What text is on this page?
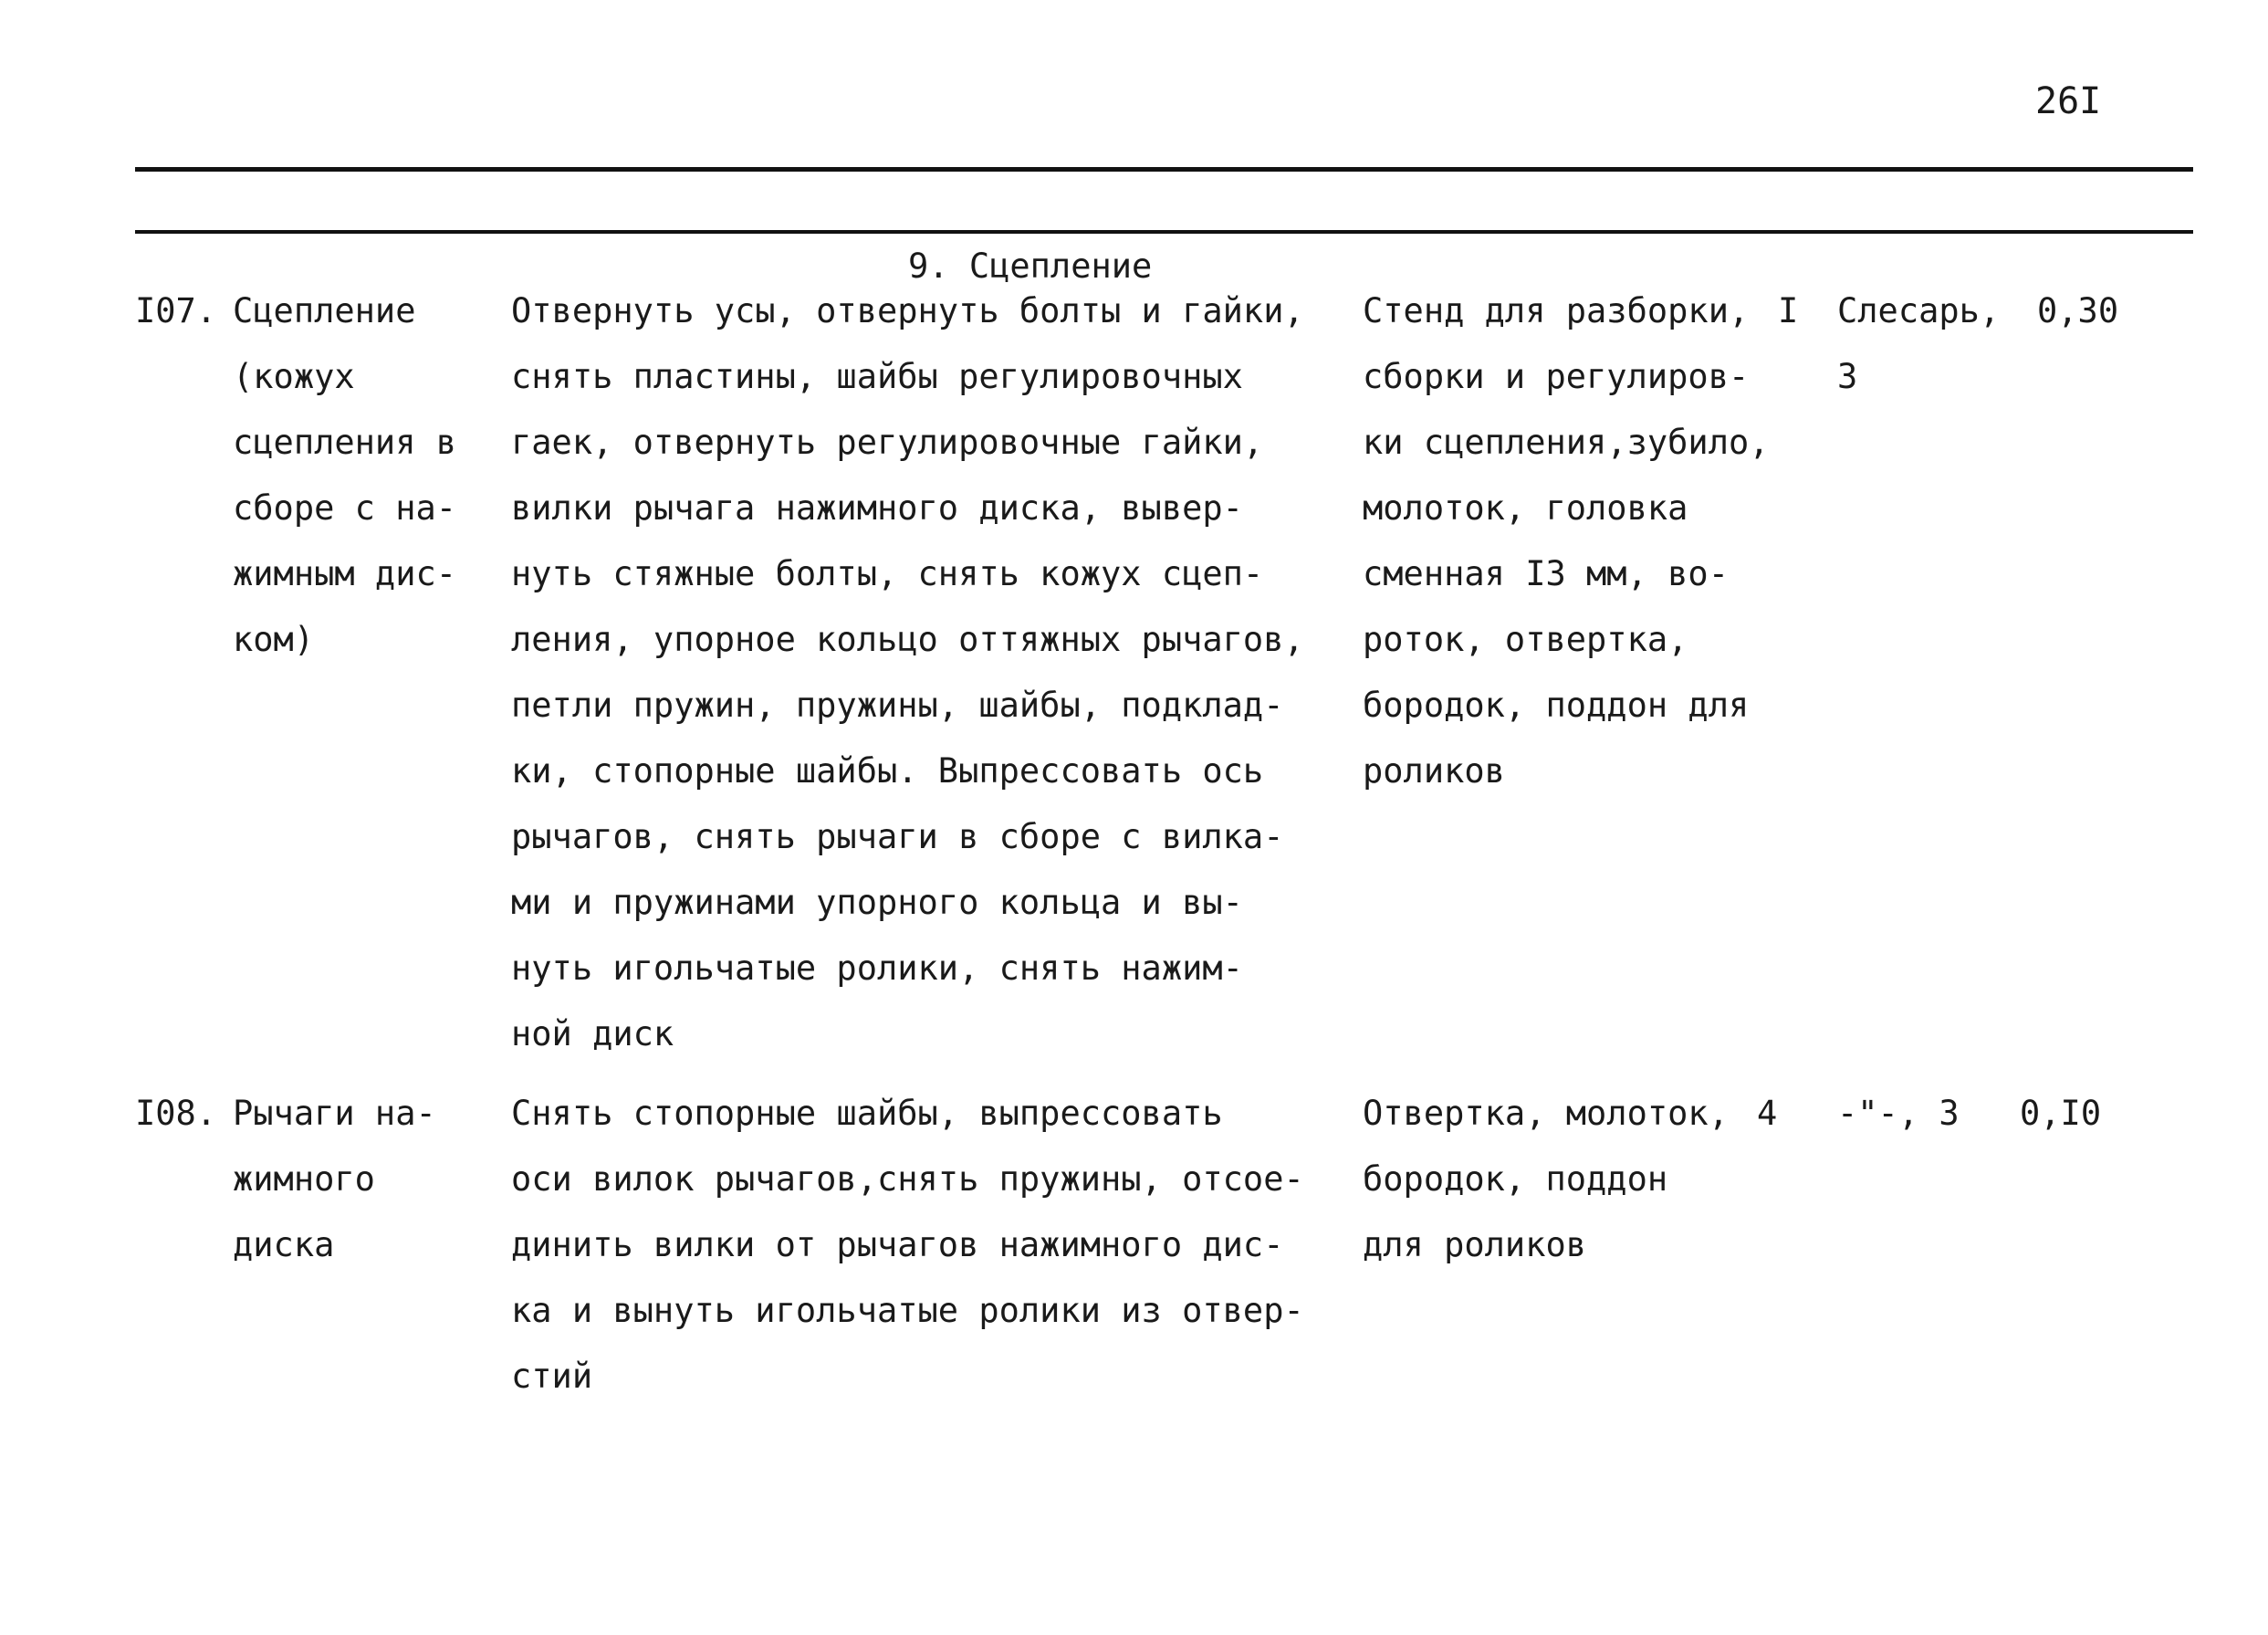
26I
9. Сцепление
I07. Сцепление
(кожух
сцепления в
сборе с на-
жимным дис-
ком)
Отвернуть усы, отвернуть болты и гайки,
снять пластины, шайбы регулировочных
гаек, отвернуть регулировочные гайки,
вилки рычага нажимного диска, вывер-
нуть стяжные болты, снять кожух сцеп-
ления, упорное кольцо оттяжных рычагов,
петли пружин, пружины, шайбы, подклад-
ки, стопорные шайбы. Выпрессовать ось
рычагов, снять рычаги в сборе с вилка-
ми и пружинами упорного кольца и вы-
нуть игольчатые ролики, снять нажим-
ной диск
Стенд для разборки,
сборки и регулиров-
ки сцепления,зубило,
молоток, головка
сменная I3 мм, во-
роток, отвертка,
бородок, поддон для
роликов
I Слесарь,
3
0,30
I08. Рычаги на-
жимного
диска
Снять стопорные шайбы, выпрессовать
оси вилок рычагов,снять пружины, отсое-
динить вилки от рычагов нажимного дис-
ка и вынуть игольчатые ролики из отвер-
стий
Отвертка, молоток,
бородок, поддон
для роликов
4 -"-, 3 0,I0
